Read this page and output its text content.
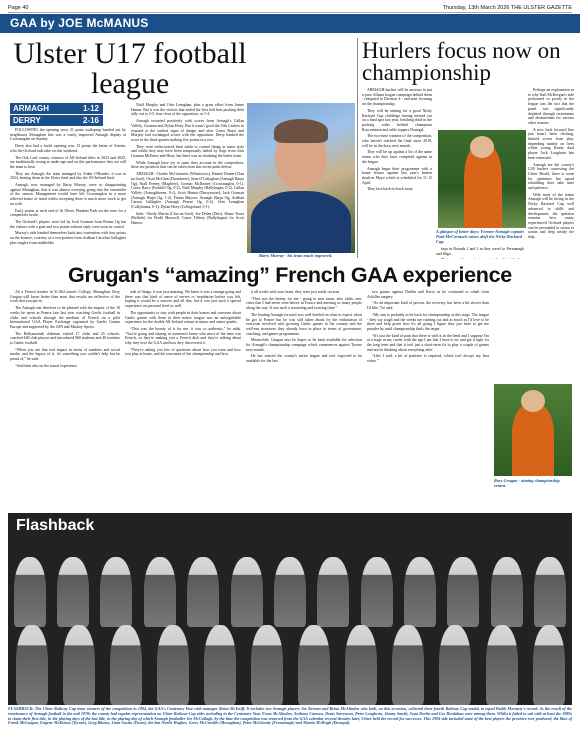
Page 40	Thursday, 13th March 2026 THE ULSTER GAZETTE
GAA by JOE McMANUS
Ulster U17 football league
ARMAGH	1-12
DERRY	2-16

FOLLOWING the opening story 21 point walloping handed out by neighbours Monaghan this was a vastly improved Armagh display at Crossmaglen on Sunday.

Derry also had a facile opening win, 13 points the better of Antrim, who the Orchard lads take on this weekend.

The Oak Leaf county, winners of All-Ireland titles in 2023 and 2025, are traditionally strong at under-age and on this performance they are still the team to beat.

They not Armagh, the team managed by Aiden O'Rourke, it was in 2024, beating them in the Ulster final and also the All-Ireland final.

Armagh, now managed by Barry Murray, were so disappointing against Monaghan, that it was almost worrying going into the remainder of the season. Management would have left Crossmaglen in a more relieved frame of mind whilst accepting there is much more work to get on with.

Early points at each end of St Oliver Plunkett Park set the tone for a competitive tussle.

The Orchard's players were led by Josh Gorman from Ronan Og but the visitors with a goal and two points without reply were soon in control.

Murray's side handed themselves back into contention with four points on the bounce, courtesy of a two-pointer from Aodhan Carrolan Gallagher plus singles from midfielder

Niall Murphy and Orin Lenaghan, plus a great effort from James Hanna. But it was the visitors that ended the first half best pushing their tally out to 2-5, four clear of the opposition, at 1-4.

Armagh restarted positively with scores from Armagh's Callan Vallely, Gorman and Dylan Hoey. But it wasn't good the Oak Leafers to respond at the earliest signs of danger and after Conor Barry and Murphy had exchanged scores with the opposition, Derry banked the score in the third quarter making five points in a row.

They were rediscovered their stride to control things in some style and whilst they may have been temporarily halted by flags from Josh Gorman McEntee and Hoey, but there was no doubting the better team.

While Armagh have yet to open their account in the competition, there are positives that can be taken from this seven point defeat.

ARMAGH - Charlie McGuinness (Whitecross), Emmet Dunne (Clan na Gael), Oisin McGinn (Dromintee), Sean O'Callaghan (Armagh Harps Og), Niall Feeney (Maghery), Cormac McIlroney (Crossmaglen, 0-1), Conor Barry (Forkhill Og, 0-2), Niall Murphy (Ballyhegan, 0-2), Callan Vallely (Armaghbreen, 0-1), Scott Hamra (Derrynoose), Jack Gorman (Armagh Harps Og, 1-2), Fintan Mayoor, Armagh Harps Og, Aodhan Carson Gallagher (Armagh Pearse Og, 0-2), Orin Lenaghan (Cullyhanna, 0-1), Dylan Hoey (Collegeland, 0-1).

Subs - Brody Martin (Clan na Gael), Joe Dolan (Derr), Shane Toner (Belleek) for Fiadh Maxwell, Conor Tiffney (Ballyhegan) for Scott Hamra.

Barry Murray - his team much improved.
Hurlers focus now on championship

ARMAGH hurlers will be anxious to put a poor Allianz league campaign behind them - relegated to Division 4 - and start focusing on the championship.

They will be aiming for a good Nicky Rackard Cup challenge having missed out on a final spot last year, finishing third in the pecking order behind champions Roscommon and table toppers Donegal.

The two-time winners of the competition, who haven't reached the final since 2019, will be in the draw next month.

They will be up against a lot of the same teams who they have competed against in the league.

Armagh begin their programme with a home fixture against last year's beaten finalists Mayo which is scheduled for 11-12 April.

They face back-to-back away

A glimpse of better days: Former Armagh captain Paul McCormack raises aloft the Nicky Rackard Cup.

trips in Rounds 2 and 3 as they travel to Fermanagh and Sligo.

Perhaps an explanation as to why Kail McKeegan's side performed so poorly in the league was the fact that the panel was significantly depleted through retirements and absenteeism for various other reasons.

A new look forward line just hasn't been clicking, limited scores from play, depending mainly on frees whilst young Keady dual player Jack Loughran has been entrusted.

Armagh are the county's U20 hurlers contesting the Ulster Shield, there is room for optimism but squad rebuilding does take time and patience.

With most of the teams Armagh will be facing in the Nicky Rackard Cup well advanced in skills and development, the question remains how many experienced Orchard players can be persuaded to return to action and help steady the ship.

Grugan's “amazing” French GAA experience

AS a French teacher in St McCartan's College, Monaghan, Rory Grugan will know better than most that results are reflective of the work that you put in.

The Armagh star deserves to be pleased with the impact of the 10 weeks he spent in France late last year coaching Gaelic football in clubs and schools through the medium of French on a pilot International GAA Player Exchange organised by Gaelic Games Europe and supported by the GPA and Mackey Sports.

The Ballymacnab clubman visited 17 clubs and 25 schools, coached 640 club players and introduced 960 students and 40 teachers to Gaelic football.

“When you see that real impact in terms of numbers and social media, and the legacy of it, it's something you couldn't help but be proud of,” he said.

“And then also on the actual experience

side of things, it was just amazing. We knew it was a strange going and there was that kind of sense of nerves or trepidation before you left, hoping it would be a success and all that, but it was just such a special experience on personal level as well.

The opportunity to stay with people in their homes and converse about Gaelic games with them in their native tongue was an unforgettable experience for the double All-Ireland winner at minor and senior grades.

“That was the beauty of it for me, it was so authentic,” he adds. “You're going and staying in someone's home who most of the time was French, so they're making you a French dish and they're talking about why they love the GAA and how they discovered it.

“They're asking you lots of questions about how you train and how you play at home, and the structures of the championship and how

it all works with your team, they were just really curious.

“That was the beauty for me - going to new areas, new clubs, new cities that I had never seen before in France and meeting so many people along the way. It was such a rewarding and exciting time.”

The leading Armagh forward was well-briefed on what to expect when he got to France but he was still taken aback by the enthusiasm of everyone involved with growing Gaelic games in the country and the well-run structures they already have in place in terms of governance, coaching, and games programmes.

Meanwhile, Grugan says he hopes to be back available for selection for Armagh's championship campaign which commences against Tyrone next month.

He has missed the county's entire league and isn't expected to be available for the last

two games against Dublin and Kerry as he continued to rehab from Achilles surgery.

“As an important kind of person, the recovery has been a bit slower than I'd like,” he said.

“My aim is probably to be back for championship at this stage. The league - they say tough and the weeks are running out and as much as I'd love to be there and help given how it's all going I figure they just have to get me prouder by until championship that's the target.

“It's just the kind of pain that there is with it in the bend and I suppose I'm at a stage in my career with the age I am that I have to try and get it right for the long term and that it isn't just a short-term fix to play a couple of games and not be thinking about everything after.

“Like I said, a bit of patience is required, which isn't always my best virtue.”

Rory Grugan - aiming championship return.
Flashback
FLASHBACK: The Ulster Railway Cup team winners of the competition in 1984, the GAA's Centenary Year with manager Brian McEniff. It includes two Armagh players Joe Kernan and Brian McAlinden who both, on this occasion, collected their fourth Railway Cup medal, to equal Paddy Moriarty's record. As the result of the renaissance of Armagh football in the mid 1970s the county had regular representation on Ulster Railway Cup sides including in the Centenary Year. From McAlinden, Anthony Cannon, Denis Stevenson, Peter Loughran, Jimmy Smyth, Sean Devlin and Ger Houlahan were among them. Whilst it failed to sail with at least the 1980s to claim their first title, in the playing days of the last title, in the playing day of which Armagh footballer Joe McCullagh, by the time the competition was removed from the GAA calendar several decades later, Ulster held the record for successes. This 1984 side included some of the best players the province ever produced, the likes of Frank McGuigan, Eugene McKenna (Tyrone), Greg Blaney, Liam Austin (Down), the late Noelie Hughes, Gerry McCarville (Monaghan), Peter McGinnity (Fermanagh) and Martin McHugh (Donegal).
